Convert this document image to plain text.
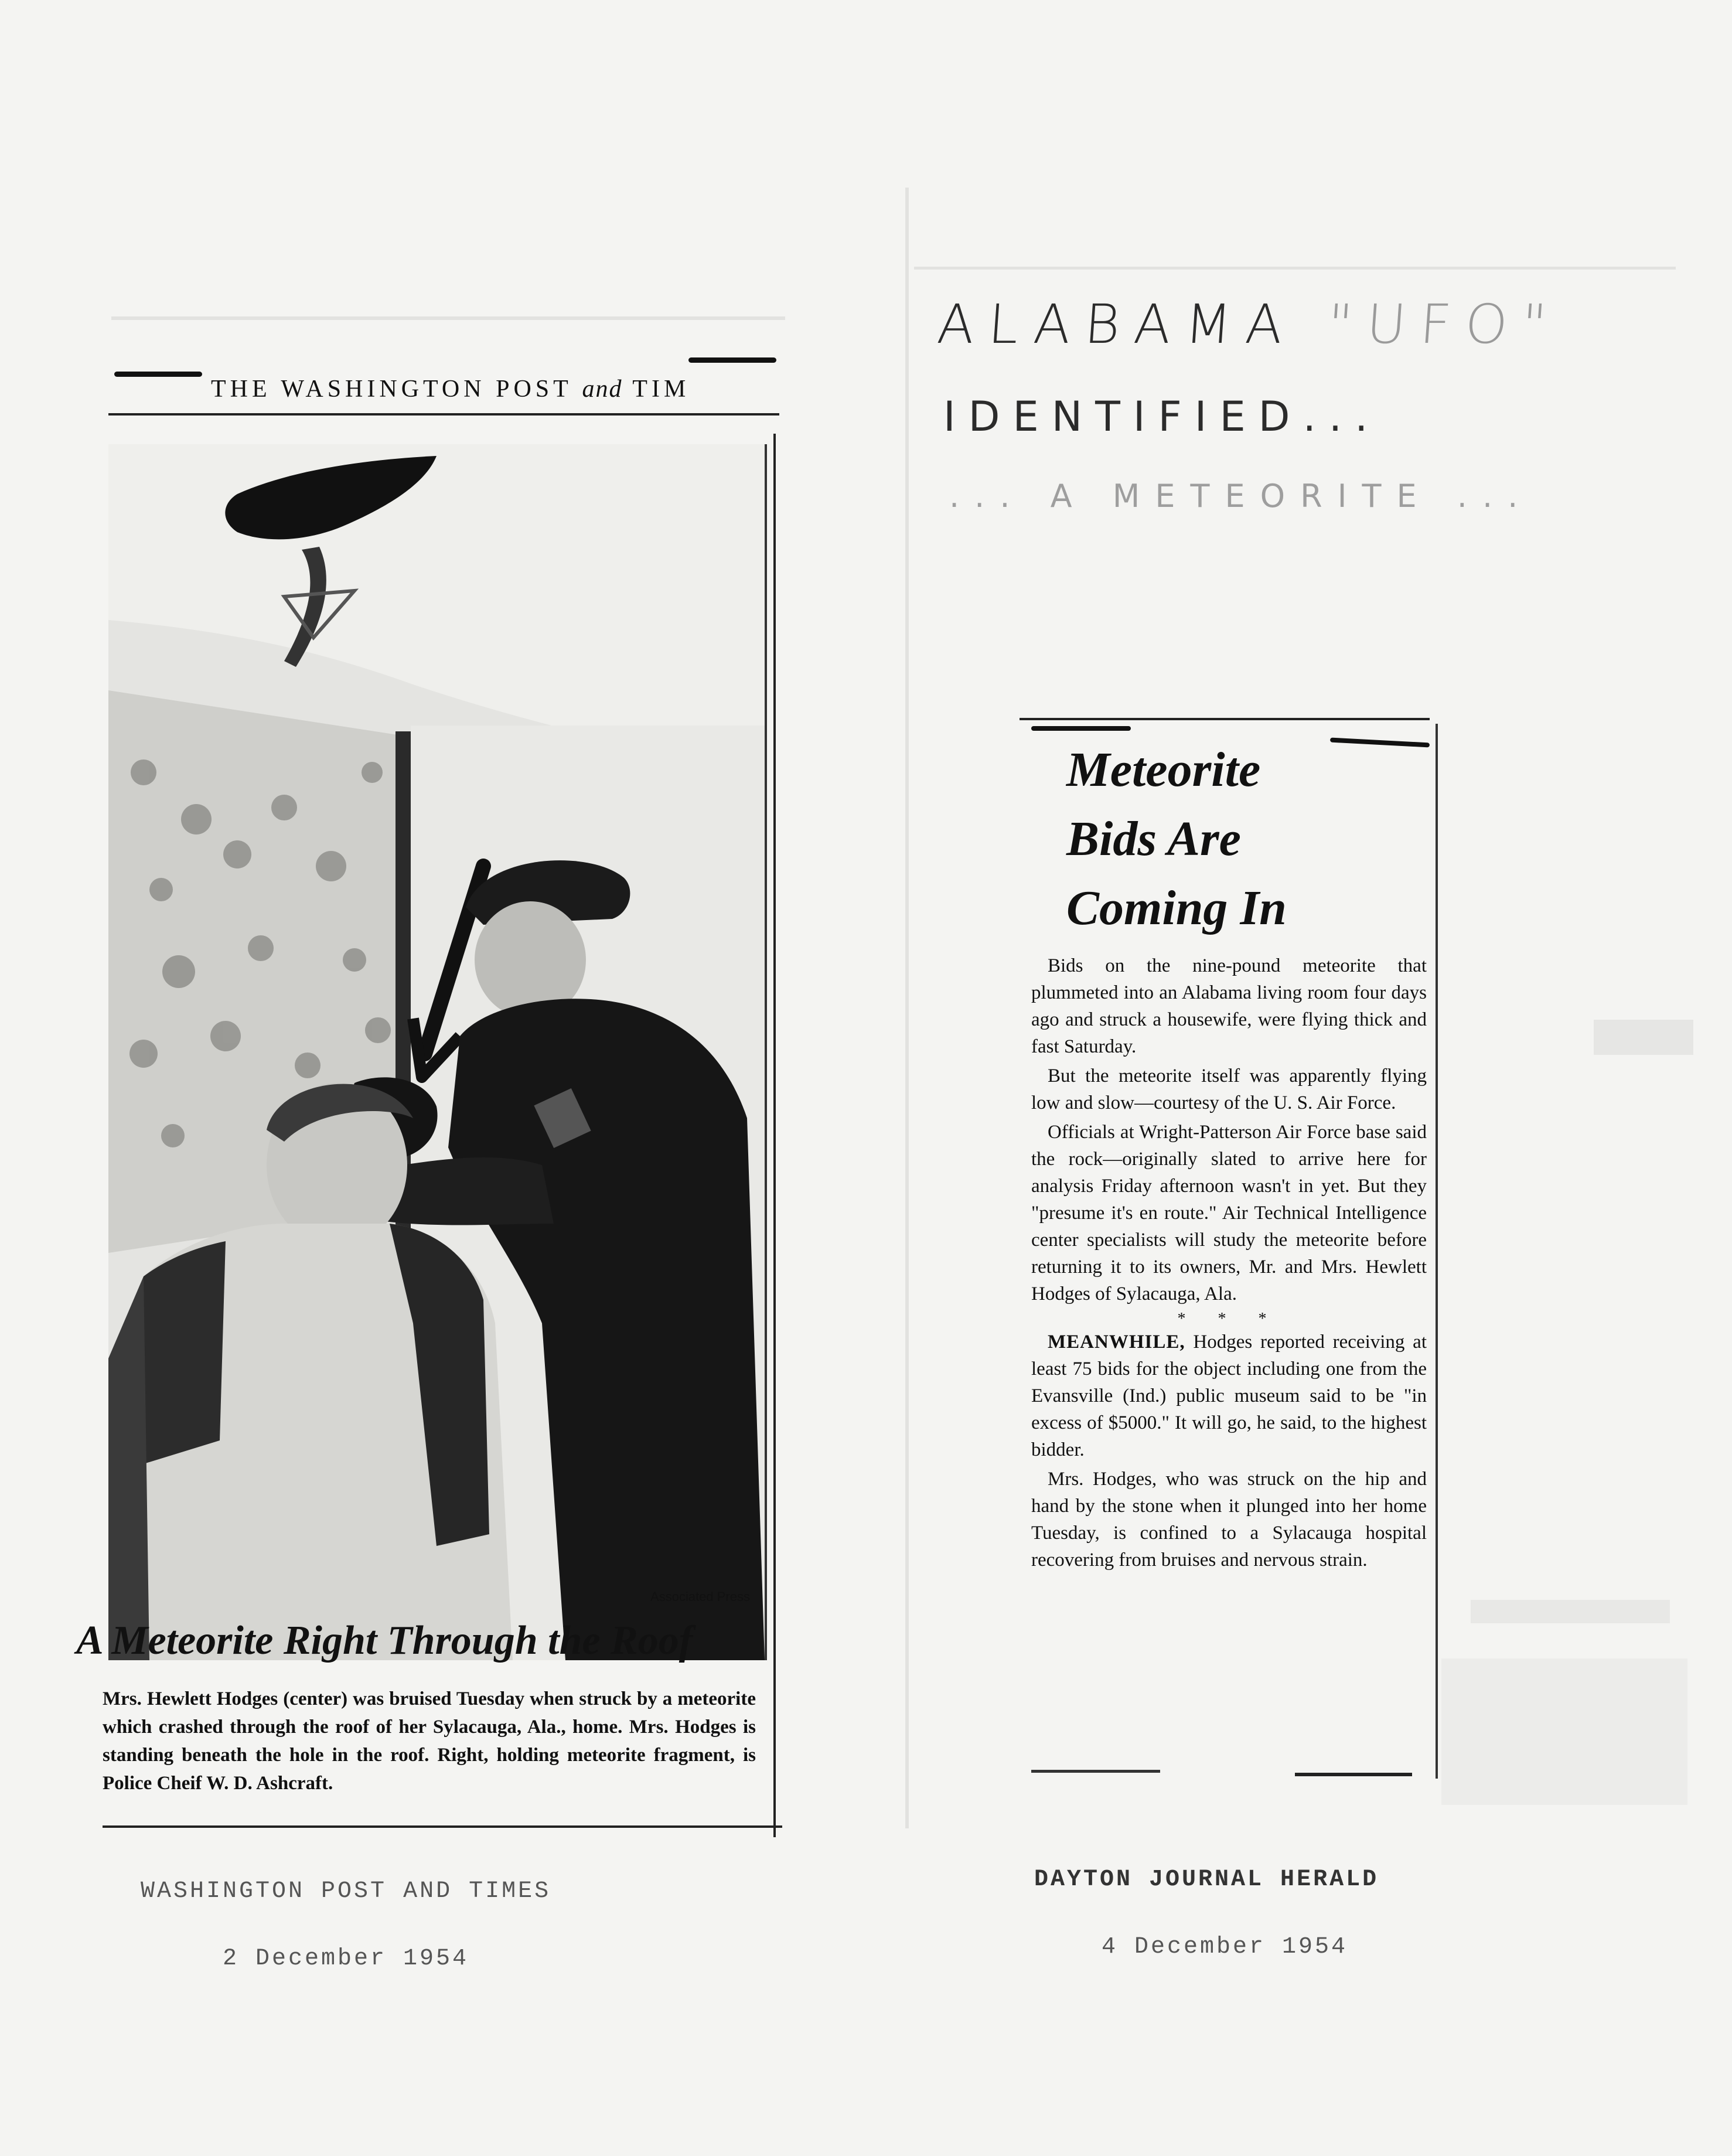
THE WASHINGTON POST and TIM
Associated Press
A Meteorite Right Through the Roof
Mrs. Hewlett Hodges (center) was bruised Tuesday when struck by a meteorite which crashed through the roof of her Sylacauga, Ala., home. Mrs. Hodges is standing beneath the hole in the roof. Right, holding meteorite fragment, is Police Cheif W. D. Ashcraft.
ALABAMA "UFO"
IDENTIFIED...
... A METEORITE ...
Meteorite
Bids Are
Coming In

Bids on the nine-pound meteorite that plummeted into an Alabama living room four days ago and struck a housewife, were flying thick and fast Saturday.

But the meteorite itself was apparently flying low and slow—courtesy of the U. S. Air Force.

Officials at Wright-Patterson Air Force base said the rock—originally slated to arrive here for analysis Friday afternoon wasn't in yet. But they "presume it's en route." Air Technical Intelligence center specialists will study the meteorite before returning it to its owners, Mr. and Mrs. Hewlett Hodges of Sylacauga, Ala.

* * *

MEANWHILE, Hodges reported receiving at least 75 bids for the object including one from the Evansville (Ind.) public museum said to be "in excess of $5000." It will go, he said, to the highest bidder.

Mrs. Hodges, who was struck on the hip and hand by the stone when it plunged into her home Tuesday, is confined to a Sylacauga hospital recovering from bruises and nervous strain.

WASHINGTON POST AND TIMES
2 December 1954
DAYTON JOURNAL HERALD
4 December 1954
